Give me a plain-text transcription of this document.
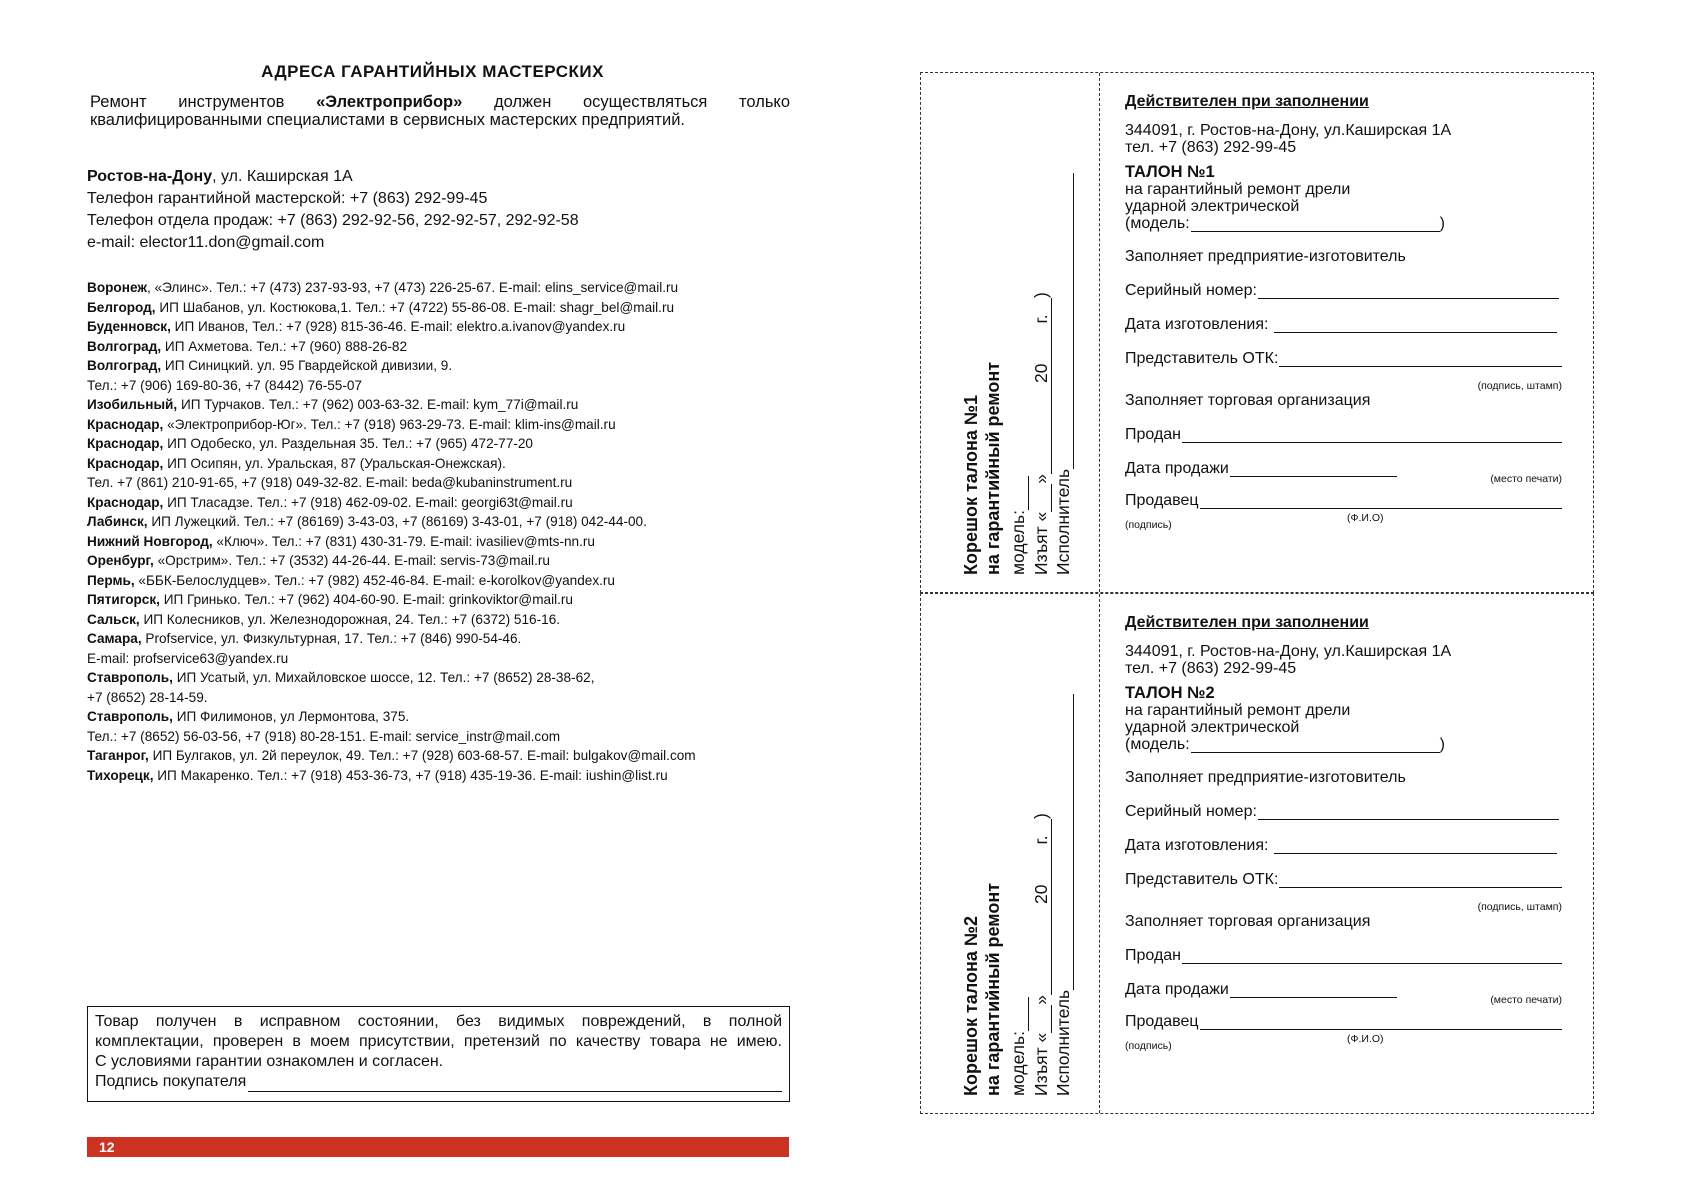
АДРЕСА ГАРАНТИЙНЫХ МАСТЕРСКИХ
Ремонт инструментов «Электроприбор» должен осуществляться только квалифицированными специалистами в сервисных мастерских предприятий.
Ростов-на-Дону, ул. Каширская 1А
Телефон гарантийной мастерской: +7 (863) 292-99-45
Телефон отдела продаж: +7 (863) 292-92-56, 292-92-57, 292-92-58
e-mail: elector11.don@gmail.com
Воронеж, «Элинс». Тел.: +7 (473) 237-93-93, +7 (473) 226-25-67. E-mail: elins_service@mail.ru
Белгород, ИП Шабанов, ул. Костюкова,1. Тел.: +7 (4722) 55-86-08. E-mail: shagr_bel@mail.ru
Буденновск, ИП Иванов, Тел.: +7 (928) 815-36-46. E-mail: elektro.a.ivanov@yandex.ru
Волгоград, ИП Ахметова. Тел.: +7 (960) 888-26-82
Волгоград, ИП Синицкий. ул. 95 Гвардейской дивизии, 9.
Тел.: +7 (906) 169-80-36, +7 (8442) 76-55-07
Изобильный, ИП Турчаков. Тел.: +7 (962) 003-63-32. E-mail: kym_77i@mail.ru
Краснодар, «Электроприбор-Юг». Тел.: +7 (918) 963-29-73. E-mail: klim-ins@mail.ru
Краснодар, ИП Одобеско, ул. Раздельная 35. Тел.: +7 (965) 472-77-20
Краснодар, ИП Осипян, ул. Уральская, 87 (Уральская-Онежская).
Тел. +7 (861) 210-91-65, +7 (918) 049-32-82. E-mail: beda@kubaninstrument.ru
Краснодар, ИП Тласадзе. Тел.: +7 (918) 462-09-02. E-mail: georgi63t@mail.ru
Лабинск, ИП Лужецкий. Тел.: +7 (86169) 3-43-03, +7 (86169) 3-43-01, +7 (918) 042-44-00.
Нижний Новгород, «Ключ». Тел.: +7 (831) 430-31-79. E-mail: ivasiliev@mts-nn.ru
Оренбург, «Орстрим». Тел.: +7 (3532) 44-26-44. E-mail: servis-73@mail.ru
Пермь, «ББК-Белослудцев». Тел.: +7 (982) 452-46-84. E-mail: e-korolkov@yandex.ru
Пятигорск, ИП Гринько. Тел.: +7 (962) 404-60-90. E-mail: grinkoviktor@mail.ru
Сальск, ИП Колесников, ул. Железнодорожная, 24. Тел.: +7 (6372) 516-16.
Самара, Profservice, ул. Физкультурная, 17. Тел.: +7 (846) 990-54-46.
E-mail: profservice63@yandex.ru
Ставрополь, ИП Усатый, ул. Михайловское шоссе, 12. Тел.: +7 (8652) 28-38-62,
+7 (8652) 28-14-59.
Ставрополь, ИП Филимонов, ул Лермонтова, 375.
Тел.: +7 (8652) 56-03-56, +7 (918) 80-28-151. E-mail: service_instr@mail.com
Таганрог, ИП Булгаков, ул. 2й переулок, 49. Тел.: +7 (928) 603-68-57. E-mail: bulgakov@mail.com
Тихорецк, ИП Макаренко. Тел.: +7 (918) 453-36-73, +7 (918) 435-19-36. E-mail: iushin@list.ru
Товар получен в исправном состоянии, без видимых повреждений, в полной
комплектации, проверен в моем присутствии, претензий по качеству товара не имею.
С условиями гарантии ознакомлен и согласен.
Подпись покупателя
12
Корешок талона №1 на гарантийный ремонт модель: Изъят «
»
)
20
г.
Исполнитель
Действителен при заполнении
344091, г. Ростов-на-Дону, ул.Каширская 1А
тел. +7 (863) 292-99-45
ТАЛОН №1
на гарантийный ремонт дрели
ударной электрической
(модель:	)
Заполняет предприятие-изготовитель
Серийный номер:
Дата изготовления:
Представитель ОТК:
(подпись, штамп)
Заполняет торговая организация
Продан
Дата продажи
(место печати)
Продавец
(подпись)
(Ф.И.О)
Корешок талона №2 на гарантийный ремонт модель: Изъят «
»
)
20
г.
Исполнитель
Действителен при заполнении
344091, г. Ростов-на-Дону, ул.Каширская 1А
тел. +7 (863) 292-99-45
ТАЛОН №2
на гарантийный ремонт дрели
ударной электрической
(модель:	)
Заполняет предприятие-изготовитель
Серийный номер:
Дата изготовления:
Представитель ОТК:
(подпись, штамп)
Заполняет торговая организация
Продан
Дата продажи
(место печати)
Продавец
(подпись)
(Ф.И.О)
